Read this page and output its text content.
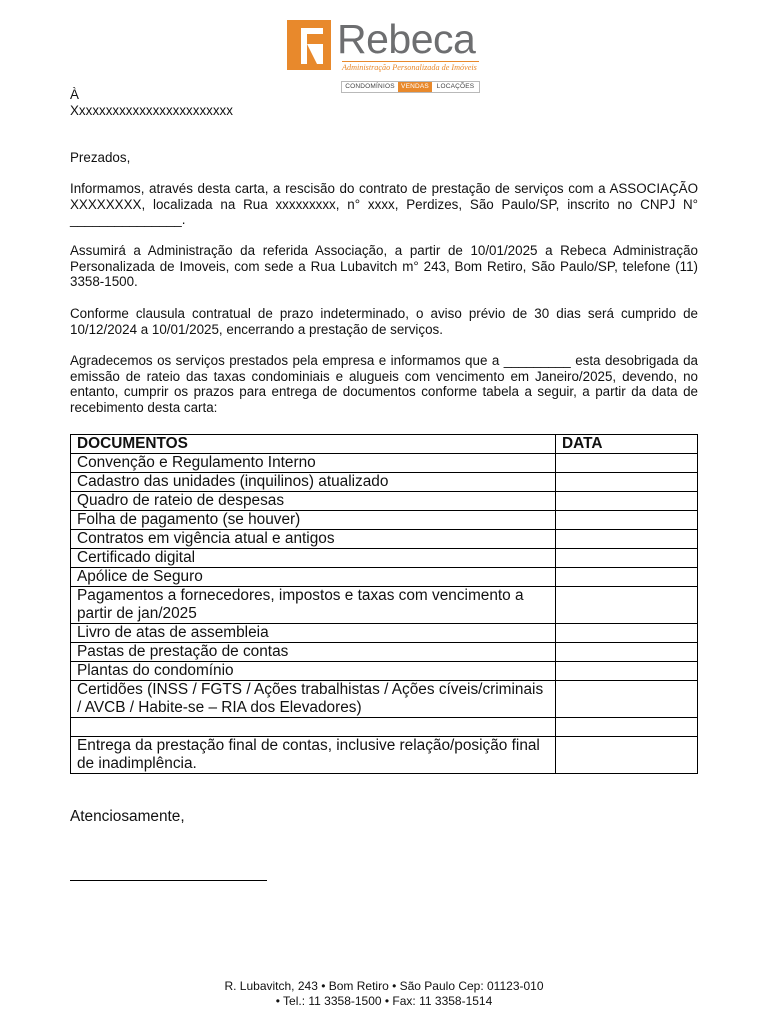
Rebeca
Administração Personalizada de Imóveis
CONDOMÍNIOS VENDAS	LOCAÇÕES
À
Xxxxxxxxxxxxxxxxxxxxxxxx
Prezados,
Informamos, através desta carta, a rescisão do contrato de prestação de serviços com a ASSOCIAÇÃO XXXXXXXX, localizada na Rua xxxxxxxxx, n° xxxx, Perdizes, São Paulo/SP, inscrito no CNPJ N° _______________.
Assumirá a Administração da referida Associação, a partir de 10/01/2025 a Rebeca Administração Personalizada de Imoveis, com sede a Rua Lubavitch m° 243, Bom Retiro, São Paulo/SP, telefone (11) 3358-1500.
Conforme clausula contratual de prazo indeterminado, o aviso prévio de 30 dias será cumprido de 10/12/2024 a 10/01/2025, encerrando a prestação de serviços.
Agradecemos os serviços prestados pela empresa e informamos que a _________ esta desobrigada da emissão de rateio das taxas condominiais e alugueis com vencimento em Janeiro/2025, devendo, no entanto, cumprir os prazos para entrega de documentos conforme tabela a seguir, a partir da data de recebimento desta carta:
DOCUMENTOS	DATA
Convenção e Regulamento Interno	
Cadastro das unidades (inquilinos) atualizado	
Quadro de rateio de despesas	
Folha de pagamento (se houver)	
Contratos em vigência atual e antigos	
Certificado digital	
Apólice de Seguro	
Pagamentos a fornecedores, impostos e taxas com vencimento a partir de jan/2025	
Livro de atas de assembleia	
Pastas de prestação de contas	
Plantas do condomínio	
Certidões (INSS / FGTS / Ações trabalhistas / Ações cíveis/criminais / AVCB / Habite-se – RIA dos Elevadores)	

Entrega da prestação final de contas, inclusive relação/posição final de inadimplência.	
Atenciosamente,
R. Lubavitch, 243 • Bom Retiro • São Paulo Cep: 01123-010
• Tel.: 11 3358-1500 • Fax: 11 3358-1514
